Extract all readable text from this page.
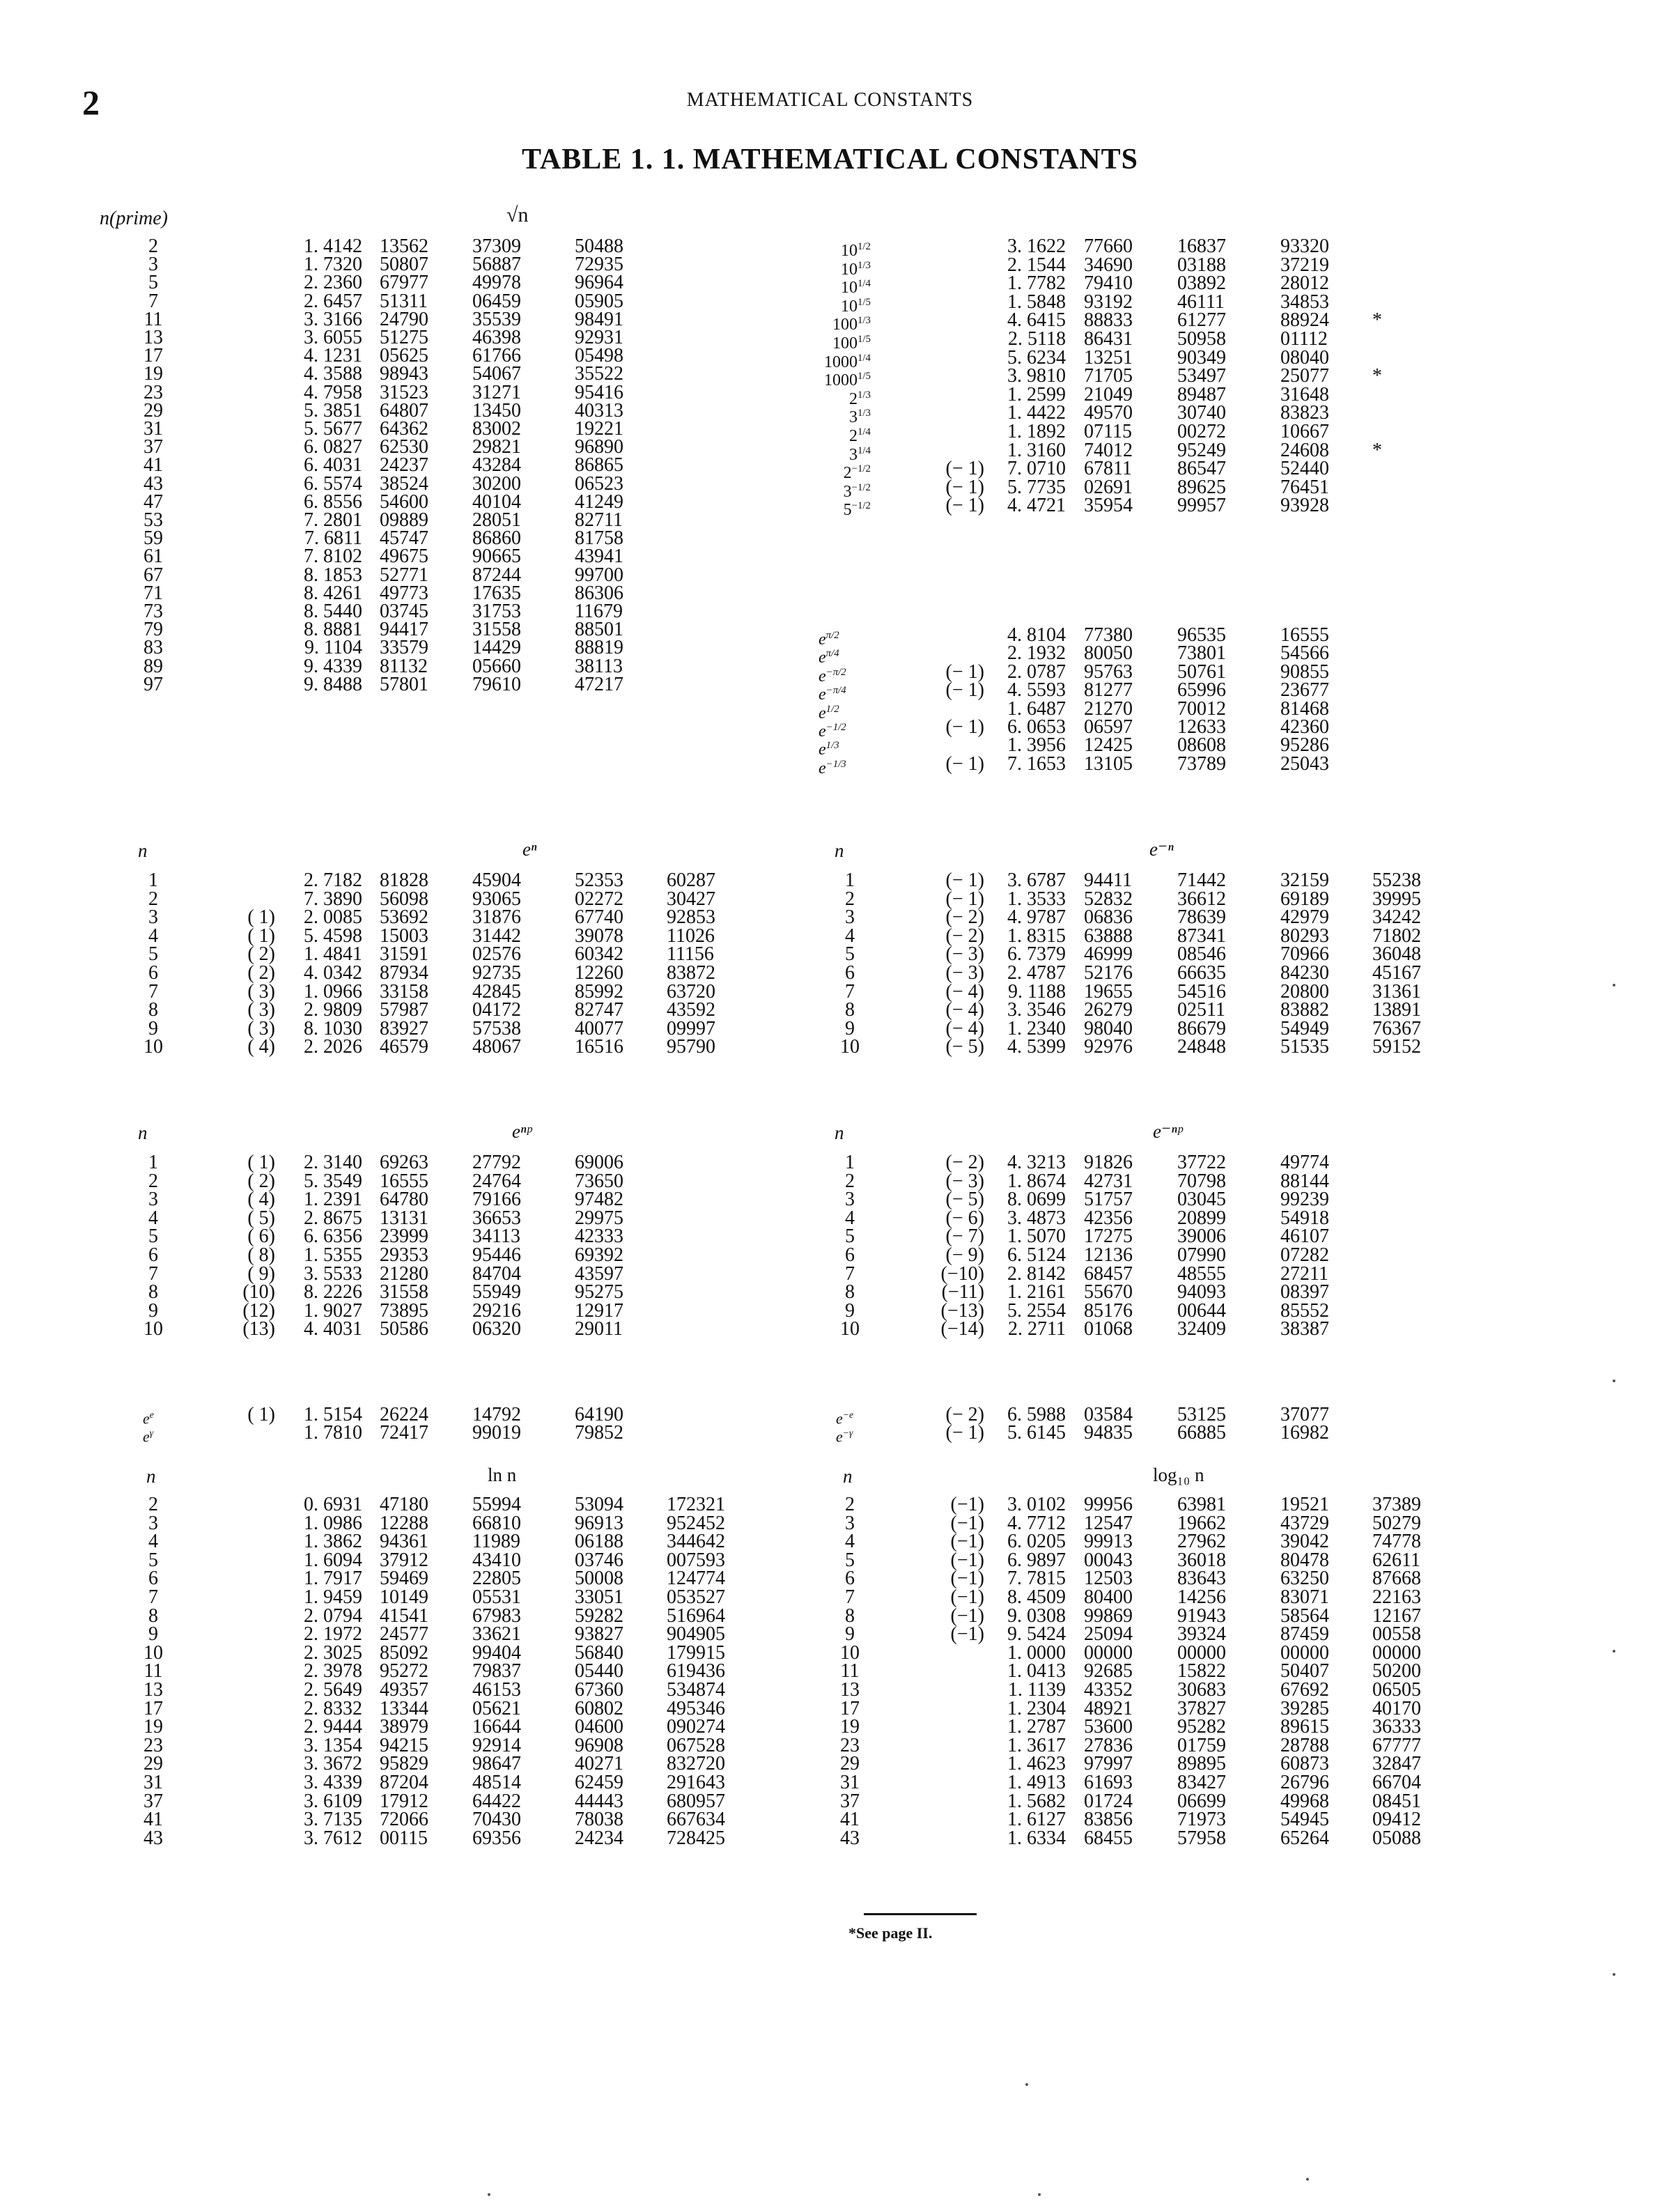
2	MATHEMATICAL CONSTANTS
TABLE 1. 1. MATHEMATICAL CONSTANTS
n(prime)	√n
2	1. 4142 13562	37309	50488
3	1. 7320 50807	56887	72935
5	2. 2360 67977	49978	96964
7	2. 6457 51311	06459	05905
11	3. 3166 24790	35539	98491
13	3. 6055 51275	46398	92931
17	4. 1231 05625	61766	05498
19	4. 3588 98943	54067	35522
23	4. 7958 31523	31271	95416
29	5. 3851 64807	13450	40313
31	5. 5677 64362	83002	19221
37	6. 0827 62530	29821	96890
41	6. 4031 24237	43284	86865
43	6. 5574 38524	30200	06523
47	6. 8556 54600	40104	41249
53	7. 2801 09889	28051	82711
59	7. 6811 45747	86860	81758
61	7. 8102 49675	90665	43941
67	8. 1853 52771	87244	99700
71	8. 4261 49773	17635	86306
73	8. 5440 03745	31753	11679
79	8. 8881 94417	31558	88501
83	9. 1104 33579	14429	88819
89	9. 4339 81132	05660	38113
97	9. 8488 57801	79610	47217
$10^{1/2}$	3. 1622 77660	16837	93320
$10^{1/3}$	2. 1544 34690	03188	37219
$10^{1/4}$	1. 7782 79410	03892	28012
$10^{1/5}$	1. 5848 93192	46111	34853
$100^{1/3}$	4. 6415 88833	61277	88924	*
$100^{1/5}$	2. 5118 86431	50958	01112
$1000^{1/4}$	5. 6234 13251	90349	08040
$1000^{1/5}$	3. 9810 71705	53497	25077	*
$2^{1/3}$	1. 2599 21049	89487	31648
$3^{1/3}$	1. 4422 49570	30740	83823
$2^{1/4}$	1. 1892 07115	00272	10667
$3^{1/4}$	1. 3160 74012	95249	24608	*
$2^{-1/2}$	(− 1)	7. 0710 67811	86547	52440
$3^{-1/2}$	(− 1)	5. 7735 02691	89625	76451
$5^{-1/2}$	(− 1)	4. 4721 35954	99957	93928
$e^{\pi/2}$	4. 8104 77380	96535	16555
$e^{\pi/4}$	2. 1932 80050	73801	54566
$e^{-\pi/2}$	(− 1)	2. 0787 95763	50761	90855
$e^{-\pi/4}$	(− 1)	4. 5593 81277	65996	23677
$e^{1/2}$	1. 6487 21270	70012	81468
$e^{-1/2}$	(− 1)	6. 0653 06597	12633	42360
$e^{1/3}$	1. 3956 12425	08608	95286
$e^{-1/3}$	(− 1)	7. 1653 13105	73789	25043
n	eⁿ
1	2. 7182 81828	45904	52353	60287
2	7. 3890 56098	93065	02272	30427
3	( 1)	2. 0085 53692	31876	67740	92853
4	( 1)	5. 4598 15003	31442	39078	11026
5	( 2)	1. 4841 31591	02576	60342	11156
6	( 2)	4. 0342 87934	92735	12260	83872
7	( 3)	1. 0966 33158	42845	85992	63720
8	( 3)	2. 9809 57987	04172	82747	43592
9	( 3)	8. 1030 83927	57538	40077	09997
10	( 4)	2. 2026 46579	48067	16516	95790
n	e⁻ⁿ
1	(− 1)	3. 6787 94411	71442	32159	55238
2	(− 1)	1. 3533 52832	36612	69189	39995
3	(− 2)	4. 9787 06836	78639	42979	34242
4	(− 2)	1. 8315 63888	87341	80293	71802
5	(− 3)	6. 7379 46999	08546	70966	36048
6	(− 3)	2. 4787 52176	66635	84230	45167
7	(− 4)	9. 1188 19655	54516	20800	31361
8	(− 4)	3. 3546 26279	02511	83882	13891
9	(− 4)	1. 2340 98040	86679	54949	76367
10	(− 5)	4. 5399 92976	24848	51535	59152
n	eⁿᵖ
1	( 1)	2. 3140 69263	27792	69006
2	( 2)	5. 3549 16555	24764	73650
3	( 4)	1. 2391 64780	79166	97482
4	( 5)	2. 8675 13131	36653	29975
5	( 6)	6. 6356 23999	34113	42333
6	( 8)	1. 5355 29353	95446	69392
7	( 9)	3. 5533 21280	84704	43597
8	(10)	8. 2226 31558	55949	95275
9	(12)	1. 9027 73895	29216	12917
10	(13)	4. 4031 50586	06320	29011
n	e⁻ⁿᵖ
1	(− 2)	4. 3213 91826	37722	49774
2	(− 3)	1. 8674 42731	70798	88144
3	(− 5)	8. 0699 51757	03045	99239
4	(− 6)	3. 4873 42356	20899	54918
5	(− 7)	1. 5070 17275	39006	46107
6	(− 9)	6. 5124 12136	07990	07282
7	(−10)	2. 8142 68457	48555	27211
8	(−11)	1. 2161 55670	94093	08397
9	(−13)	5. 2554 85176	00644	85552
10	(−14)	2. 2711 01068	32409	38387
$e^e$	( 1)	1. 5154 26224	14792	64190
$e^\gamma$	1. 7810 72417	99019	79852
$e^{-e}$	(− 2)	6. 5988 03584	53125	37077
$e^{-\gamma}$	(− 1)	5. 6145 94835	66885	16982
n	ln n
2	0. 6931 47180	55994	53094	172321
3	1. 0986 12288	66810	96913	952452
4	1. 3862 94361	11989	06188	344642
5	1. 6094 37912	43410	03746	007593
6	1. 7917 59469	22805	50008	124774
7	1. 9459 10149	05531	33051	053527
8	2. 0794 41541	67983	59282	516964
9	2. 1972 24577	33621	93827	904905
10	2. 3025 85092	99404	56840	179915
11	2. 3978 95272	79837	05440	619436
13	2. 5649 49357	46153	67360	534874
17	2. 8332 13344	05621	60802	495346
19	2. 9444 38979	16644	04600	090274
23	3. 1354 94215	92914	96908	067528
29	3. 3672 95829	98647	40271	832720
31	3. 4339 87204	48514	62459	291643
37	3. 6109 17912	64422	44443	680957
41	3. 7135 72066	70430	78038	667634
43	3. 7612 00115	69356	24234	728425
n	log₁₀ n
2	(−1)	3. 0102 99956	63981	19521	37389
3	(−1)	4. 7712 12547	19662	43729	50279
4	(−1)	6. 0205 99913	27962	39042	74778
5	(−1)	6. 9897 00043	36018	80478	62611
6	(−1)	7. 7815 12503	83643	63250	87668
7	(−1)	8. 4509 80400	14256	83071	22163
8	(−1)	9. 0308 99869	91943	58564	12167
9	(−1)	9. 5424 25094	39324	87459	00558
10	1. 0000 00000	00000	00000	00000
11	1. 0413 92685	15822	50407	50200
13	1. 1139 43352	30683	67692	06505
17	1. 2304 48921	37827	39285	40170
19	1. 2787 53600	95282	89615	36333
23	1. 3617 27836	01759	28788	67777
29	1. 4623 97997	89895	60873	32847
31	1. 4913 61693	83427	26796	66704
37	1. 5682 01724	06699	49968	08451
41	1. 6127 83856	71973	54945	09412
43	1. 6334 68455	57958	65264	05088
*See page II.
